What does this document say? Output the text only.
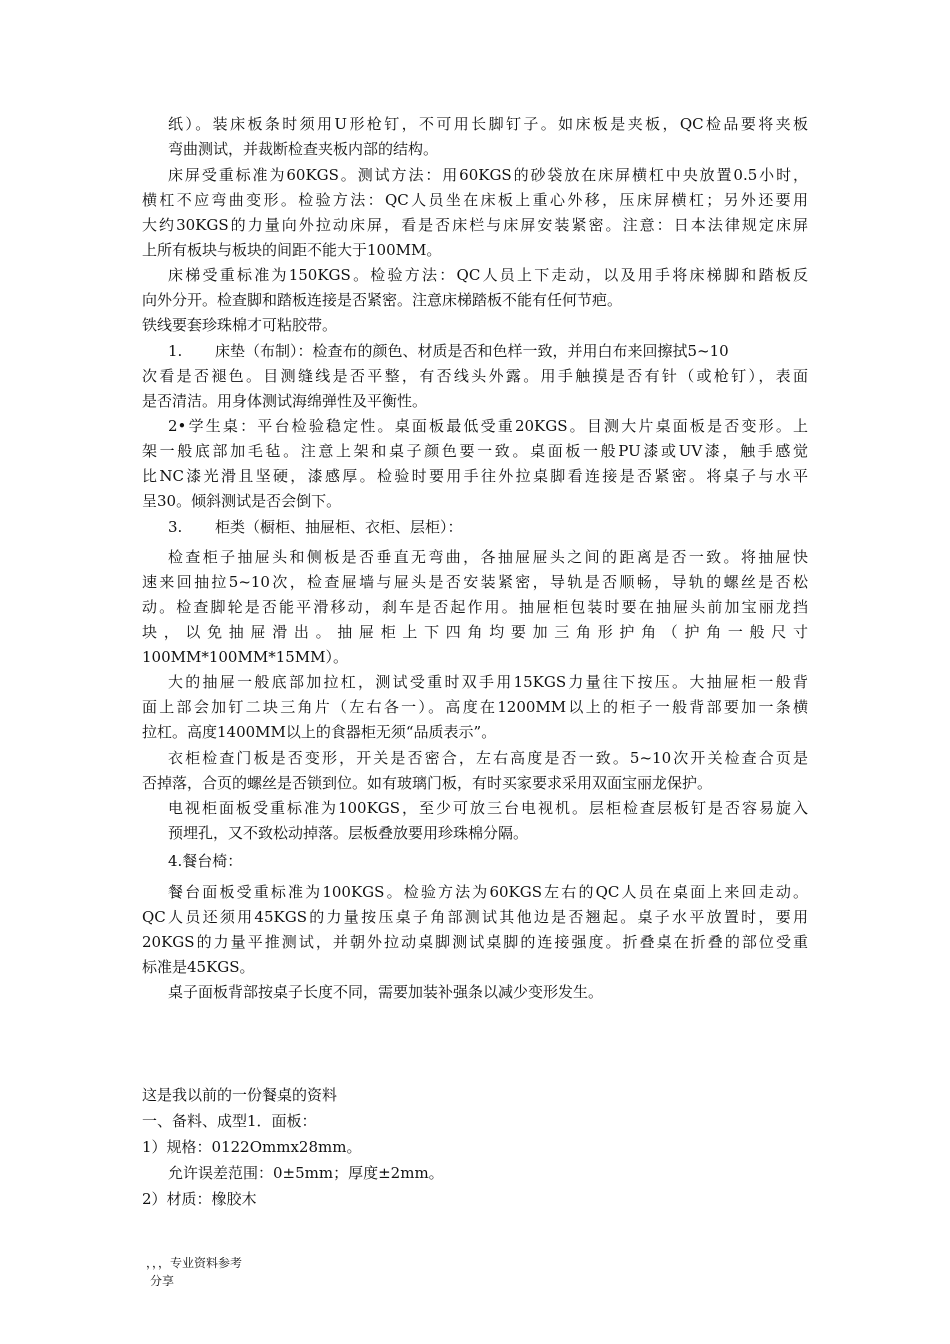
纸）。装床板条时须用U形枪钉，不可用长脚钉子。如床板是夹板，QC检品要将夹板
弯曲测试，并裁断检查夹板内部的结构。
床屏受重标准为60KGS。测试方法：用60KGS的砂袋放在床屏横杠中央放置0.5小时，
横杠不应弯曲变形。检验方法：QC人员坐在床板上重心外移，压床屏横杠；另外还要用
大约30KGS的力量向外拉动床屏，看是否床栏与床屏安装紧密。注意：日本法律规定床屏
上所有板块与板块的间距不能大于100MM。
床梯受重标准为150KGS。检验方法：QC人员上下走动，以及用手将床梯脚和踏板反
向外分开。检查脚和踏板连接是否紧密。注意床梯踏板不能有任何节疤。
铁线要套珍珠棉才可粘胶带。
1. 床垫（布制）：检查布的颜色、材质是否和色样一致，并用白布来回擦拭5~10
次看是否褪色。目测缝线是否平整，有否线头外露。用手触摸是否有针（或枪钉），表面
是否清洁。用身体测试海绵弹性及平衡性。
2•学生桌：平台检验稳定性。桌面板最低受重20KGS。目测大片桌面板是否变形。上
架一般底部加毛毡。注意上架和桌子颜色要一致。桌面板一般PU漆或UV漆，触手感觉
比NC漆光滑且坚硬，漆感厚。检验时要用手往外拉桌脚看连接是否紧密。将桌子与水平
呈30。倾斜测试是否会倒下。
3. 柜类（橱柜、抽屉柜、衣柜、层柜）：
检查柜子抽屉头和侧板是否垂直无弯曲，各抽屉屉头之间的距离是否一致。将抽屉快
速来回抽拉5~10次，检查屉墙与屉头是否安装紧密，导轨是否顺畅，导轨的螺丝是否松
动。检查脚轮是否能平滑移动，刹车是否起作用。抽屉柜包装时要在抽屉头前加宝丽龙挡
块，以免抽屉滑出。抽屉柜上下四角均要加三角形护角（护角一般尺寸
100MM*100MM*15MM）。
大的抽屉一般底部加拉杠，测试受重时双手用15KGS力量往下按压。大抽屉柜一般背
面上部会加钉二块三角片（左右各一）。高度在1200MM以上的柜子一般背部要加一条横
拉杠。高度1400MM以上的食器柜无须“品质表示”。
衣柜检查门板是否变形，开关是否密合，左右高度是否一致。5~10次开关检查合页是
否掉落，合页的螺丝是否锁到位。如有玻璃门板，有时买家要求采用双面宝丽龙保护。
电视柜面板受重标准为100KGS，至少可放三台电视机。层柜检查层板钉是否容易旋入
预埋孔，又不致松动掉落。层板叠放要用珍珠棉分隔。
4.餐台椅：
餐台面板受重标准为100KGS。检验方法为60KGS左右的QC人员在桌面上来回走动。
QC人员还须用45KGS的力量按压桌子角部测试其他边是否翘起。桌子水平放置时，要用
20KGS的力量平推测试，并朝外拉动桌脚测试桌脚的连接强度。折叠桌在折叠的部位受重
标准是45KGS。
桌子面板背部按桌子长度不同，需要加装补强条以减少变形发生。
这是我以前的一份餐桌的资料
一、备料、成型1．面板：
1）规格：0122Ommx28mm。
允许误差范围：0±5mm；厚度±2mm。
2）材质：橡胶木
，，，专业资料参考
分享
